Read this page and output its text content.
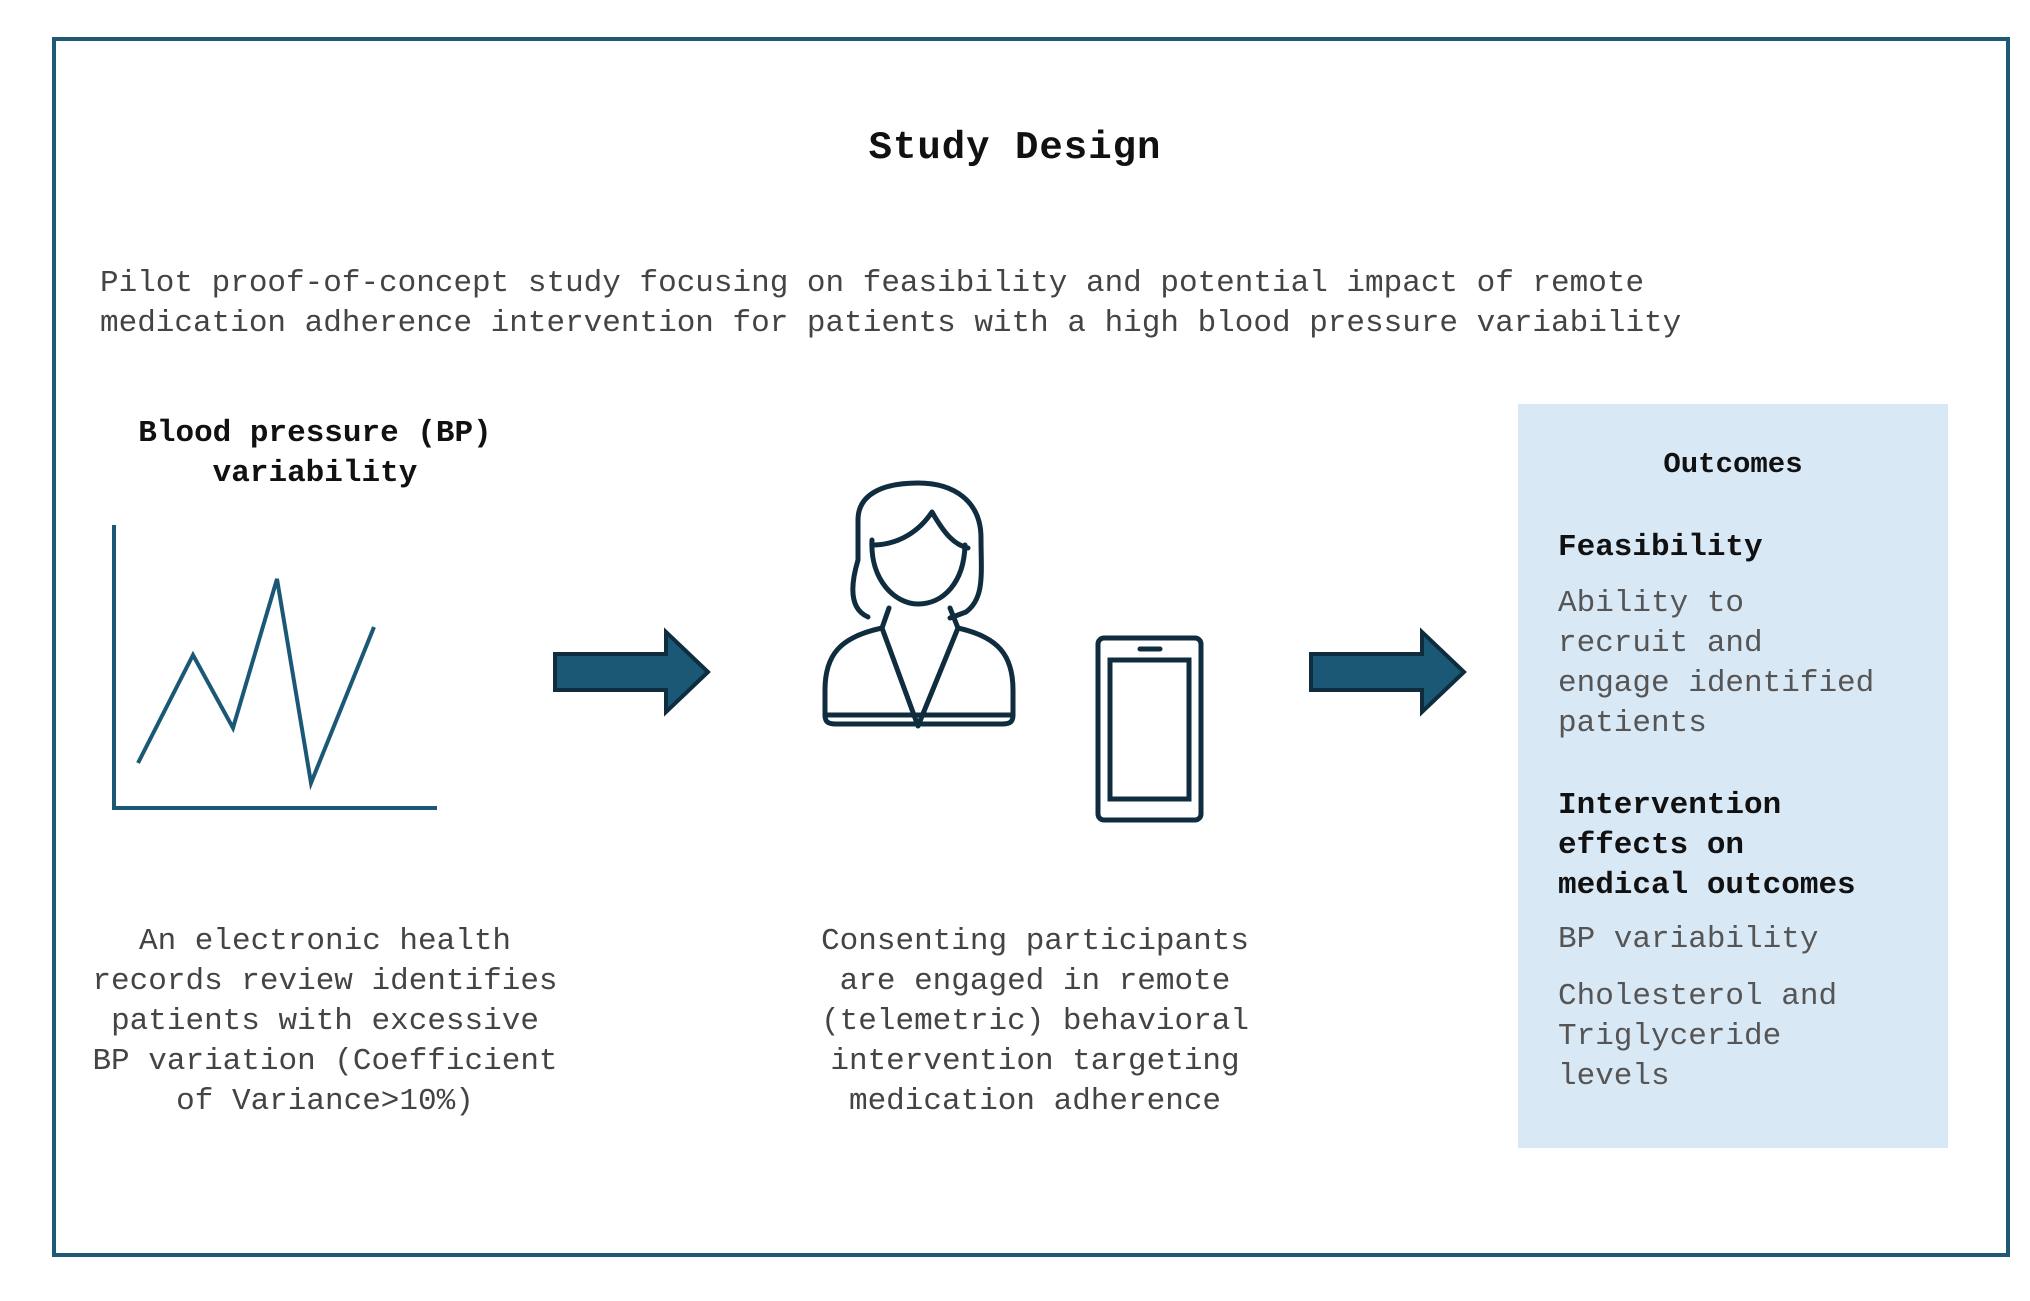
Study Design
Pilot proof-of-concept study focusing on feasibility and potential impact of remote
medication adherence intervention for patients with a high blood pressure variability
Blood pressure (BP)
variability
An electronic health
records review identifies
patients with excessive
BP variation (Coefficient
of Variance>10%)
Consenting participants
are engaged in remote
(telemetric) behavioral
intervention targeting
medication adherence
Outcomes
Feasibility
Ability to
recruit and
engage identified
patients
Intervention
effects on
medical outcomes
BP variability
Cholesterol and
Triglyceride
levels
